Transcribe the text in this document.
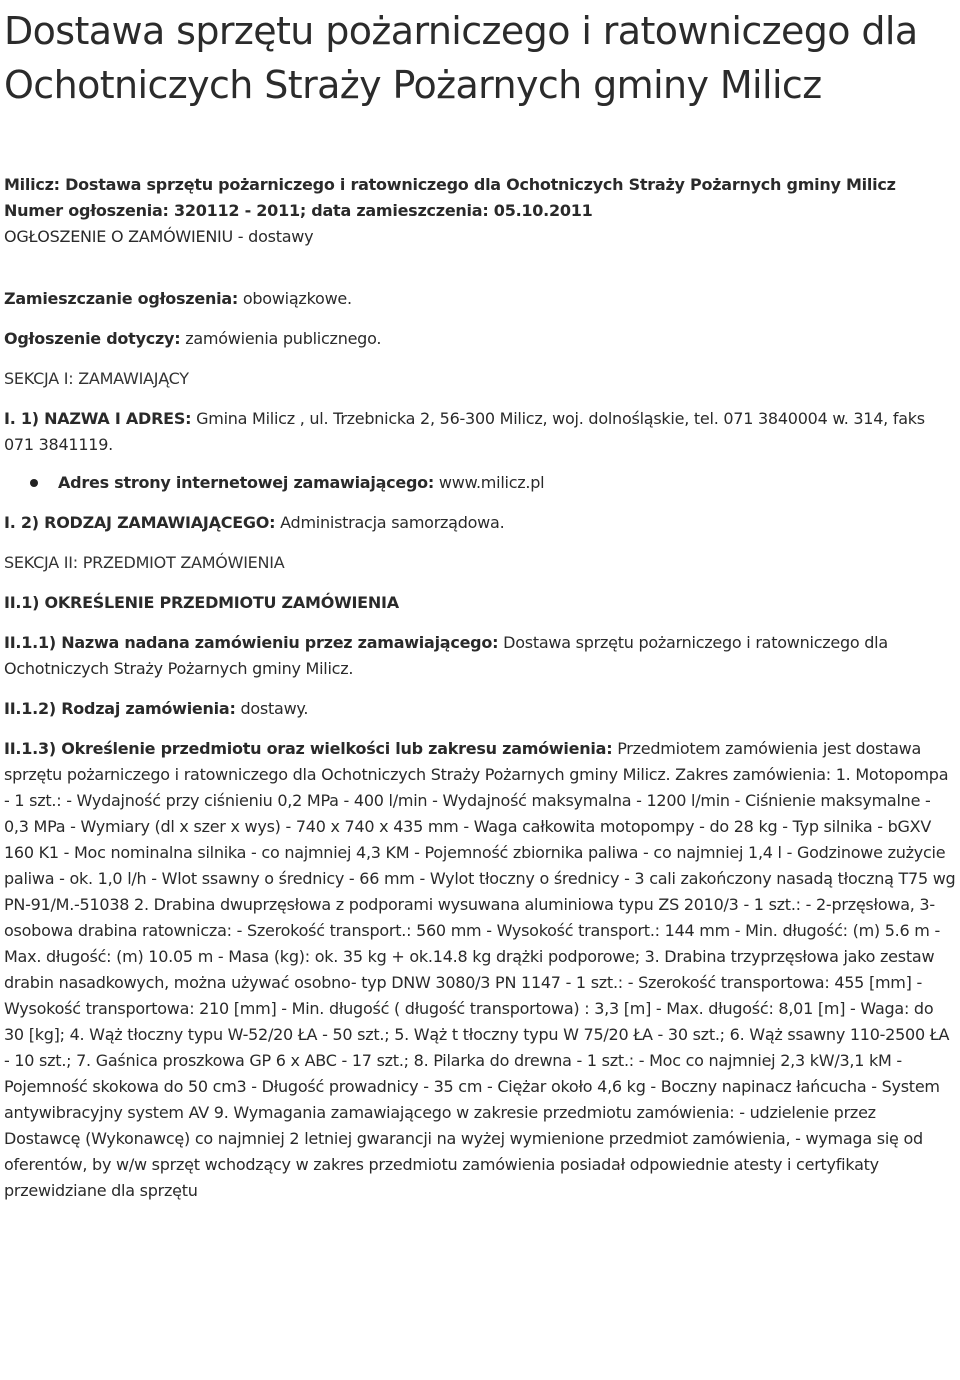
Dostawa sprzętu pożarniczego i ratowniczego dla Ochotniczych Straży Pożarnych gminy Milicz

Milicz: Dostawa sprzętu pożarniczego i ratowniczego dla Ochotniczych Straży Pożarnych gminy Milicz

Numer ogłoszenia: 320112 - 2011; data zamieszczenia: 05.10.2011

OGŁOSZENIE O ZAMÓWIENIU - dostawy

Zamieszczanie ogłoszenia: obowiązkowe.

Ogłoszenie dotyczy: zamówienia publicznego.

SEKCJA I: ZAMAWIAJĄCY

I. 1) NAZWA I ADRES: Gmina Milicz , ul. Trzebnicka 2, 56-300 Milicz, woj. dolnośląskie, tel. 071 3840004 w. 314, faks 071 3841119.

Adres strony internetowej zamawiającego: www.milicz.pl

I. 2) RODZAJ ZAMAWIAJĄCEGO: Administracja samorządowa.

SEKCJA II: PRZEDMIOT ZAMÓWIENIA

II.1) OKREŚLENIE PRZEDMIOTU ZAMÓWIENIA

II.1.1) Nazwa nadana zamówieniu przez zamawiającego: Dostawa sprzętu pożarniczego i ratowniczego dla Ochotniczych Straży Pożarnych gminy Milicz.

II.1.2) Rodzaj zamówienia: dostawy.

II.1.3) Określenie przedmiotu oraz wielkości lub zakresu zamówienia: Przedmiotem zamówienia jest dostawa sprzętu pożarniczego i ratowniczego dla Ochotniczych Straży Pożarnych gminy Milicz. Zakres zamówienia: 1. Motopompa - 1 szt.: - Wydajność przy ciśnieniu 0,2 MPa - 400 l/min - Wydajność maksymalna - 1200 l/min - Ciśnienie maksymalne - 0,3 MPa - Wymiary (dl x szer x wys) - 740 x 740 x 435 mm - Waga całkowita motopompy - do 28 kg - Typ silnika - bGXV 160 K1 - Moc nominalna silnika - co najmniej 4,3 KM - Pojemność zbiornika paliwa - co najmniej 1,4 l - Godzinowe zużycie paliwa - ok. 1,0 l/h - Wlot ssawny o średnicy - 66 mm - Wylot tłoczny o średnicy - 3 cali zakończony nasadą tłoczną T75 wg PN-91/M.-51038 2. Drabina dwuprzęsłowa z podporami wysuwana aluminiowa typu ZS 2010/3 - 1 szt.: - 2-przęsłowa, 3-osobowa drabina ratownicza: - Szerokość transport.: 560 mm - Wysokość transport.: 144 mm - Min. długość: (m) 5.6 m - Max. długość: (m) 10.05 m - Masa (kg): ok. 35 kg + ok.14.8 kg drążki podporowe; 3. Drabina trzyprzęsłowa jako zestaw drabin nasadkowych, można używać osobno- typ DNW 3080/3 PN 1147 - 1 szt.: - Szerokość transportowa: 455 [mm] - Wysokość transportowa: 210 [mm] - Min. długość ( długość transportowa) : 3,3 [m] - Max. długość: 8,01 [m] - Waga: do 30 [kg]; 4. Wąż tłoczny typu W-52/20 ŁA - 50 szt.; 5. Wąż t tłoczny typu W 75/20 ŁA - 30 szt.; 6. Wąż ssawny 110-2500 ŁA - 10 szt.; 7. Gaśnica proszkowa GP 6 x ABC - 17 szt.; 8. Pilarka do drewna - 1 szt.: - Moc co najmniej 2,3 kW/3,1 kM - Pojemność skokowa do 50 cm3 - Długość prowadnicy - 35 cm - Ciężar około 4,6 kg - Boczny napinacz łańcucha - System antywibracyjny system AV 9. Wymagania zamawiającego w zakresie przedmiotu zamówienia: - udzielenie przez Dostawcę (Wykonawcę) co najmniej 2 letniej gwarancji na wyżej wymienione przedmiot zamówienia, - wymaga się od oferentów, by w/w sprzęt wchodzący w zakres przedmiotu zamówienia posiadał odpowiednie atesty i certyfikaty przewidziane dla sprzętu
